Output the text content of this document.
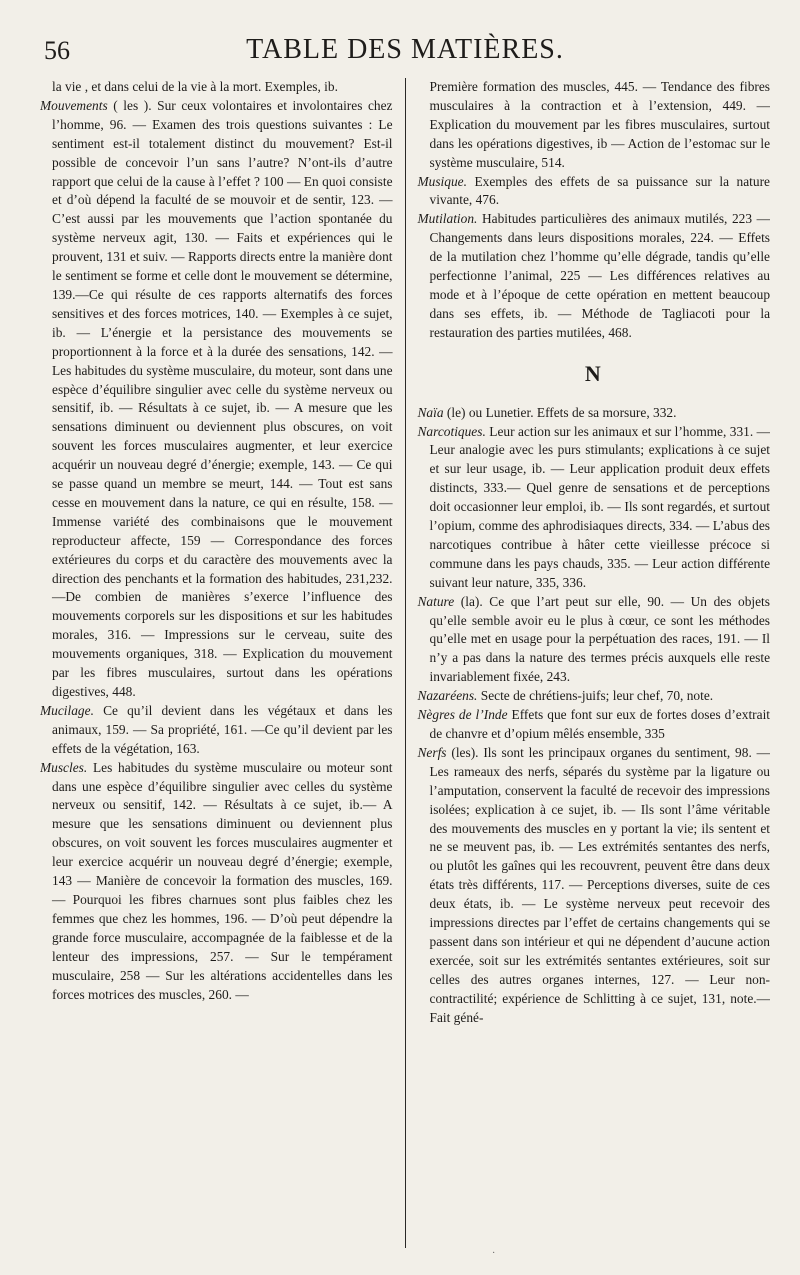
56	TABLE DES MATIÈRES.
la vie , et dans celui de la vie à la mort. Exemples, ib.
Mouvements ( les ). Sur ceux volontaires et involontaires chez l’homme, 96. — Examen des trois questions suivantes : Le sentiment est-il totalement distinct du mouvement? Est-il possible de concevoir l’un sans l’autre? N’ont-ils d’autre rapport que celui de la cause à l’effet ? 100 — En quoi consiste et d’où dépend la faculté de se mouvoir et de sentir, 123. — C’est aussi par les mouvements que l’action spontanée du système nerveux agit, 130. — Faits et expériences qui le prouvent, 131 et suiv. — Rapports directs entre la manière dont le sentiment se forme et celle dont le mouvement se détermine, 139.—Ce qui résulte de ces rapports alternatifs des forces sensitives et des forces motrices, 140. — Exemples à ce sujet, ib. — L’énergie et la persistance des mouvements se proportionnent à la force et à la durée des sensations, 142. — Les habitudes du système musculaire, du moteur, sont dans une espèce d’équilibre singulier avec celle du système nerveux ou sensitif, ib. — Résultats à ce sujet, ib. — A mesure que les sensations diminuent ou deviennent plus obscures, on voit souvent les forces musculaires augmenter, et leur exercice acquérir un nouveau degré d’énergie; exemple, 143. — Ce qui se passe quand un membre se meurt, 144. — Tout est sans cesse en mouvement dans la nature, ce qui en résulte, 158. — Immense variété des combinaisons que le mouvement reproducteur affecte, 159 — Correspondance des forces extérieures du corps et du caractère des mouvements avec la direction des penchants et la formation des habitudes, 231,232. —De combien de manières s’exerce l’influence des mouvements corporels sur les dispositions et sur les habitudes morales, 316. — Impressions sur le cerveau, suite des mouvements organiques, 318. — Explication du mouvement par les fibres musculaires, surtout dans les opérations digestives, 448.
Mucilage. Ce qu’il devient dans les végétaux et dans les animaux, 159. — Sa propriété, 161. —Ce qu’il devient par les effets de la végétation, 163.
Muscles. Les habitudes du système musculaire ou moteur sont dans une espèce d’équilibre singulier avec celles du système nerveux ou sensitif, 142. — Résultats à ce sujet, ib.— A mesure que les sensations diminuent ou deviennent plus obscures, on voit souvent les forces musculaires augmenter et leur exercice acquérir un nouveau degré d’énergie; exemple, 143 — Manière de concevoir la formation des muscles, 169. — Pourquoi les fibres charnues sont plus faibles chez les femmes que chez les hommes, 196. — D’où peut dépendre la grande force musculaire, accompagnée de la faiblesse et de la lenteur des impressions, 257. — Sur le tempérament musculaire, 258 — Sur les altérations accidentelles dans les forces motrices des muscles, 260. —
Première formation des muscles, 445. — Tendance des fibres musculaires à la contraction et à l’extension, 449. — Explication du mouvement par les fibres musculaires, surtout dans les opérations digestives, ib — Action de l’estomac sur le système musculaire, 514.
Musique. Exemples des effets de sa puissance sur la nature vivante, 476.
Mutilation. Habitudes particulières des animaux mutilés, 223 — Changements dans leurs dispositions morales, 224. — Effets de la mutilation chez l’homme qu’elle dégrade, tandis qu’elle perfectionne l’animal, 225 — Les différences relatives au mode et à l’époque de cette opération en mettent beaucoup dans ses effets, ib. — Méthode de Tagliacoti pour la restauration des parties mutilées, 468.
N
Naïa (le) ou Lunetier. Effets de sa morsure, 332.
Narcotiques. Leur action sur les animaux et sur l’homme, 331. — Leur analogie avec les purs stimulants; explications à ce sujet et sur leur usage, ib. — Leur application produit deux effets distincts, 333.— Quel genre de sensations et de perceptions doit occasionner leur emploi, ib. — Ils sont regardés, et surtout l’opium, comme des aphrodisiaques directs, 334. — L’abus des narcotiques contribue à hâter cette vieillesse précoce si commune dans les pays chauds, 335. — Leur action différente suivant leur nature, 335, 336.
Nature (la). Ce que l’art peut sur elle, 90. — Un des objets qu’elle semble avoir eu le plus à cœur, ce sont les méthodes qu’elle met en usage pour la perpétuation des races, 191. — Il n’y a pas dans la nature des termes précis auxquels elle reste invariablement fixée, 243.
Nazaréens. Secte de chrétiens-juifs; leur chef, 70, note.
Nègres de l’Inde Effets que font sur eux de fortes doses d’extrait de chanvre et d’opium mêlés ensemble, 335
Nerfs (les). Ils sont les principaux organes du sentiment, 98. — Les rameaux des nerfs, séparés du système par la ligature ou l’amputation, conservent la faculté de recevoir des impressions isolées; explication à ce sujet, ib. — Ils sont l’âme véritable des mouvements des muscles en y portant la vie; ils sentent et ne se meuvent pas, ib. — Les extrémités sentantes des nerfs, ou plutôt les gaînes qui les recouvrent, peuvent être dans deux états très différents, 117. — Perceptions diverses, suite de ces deux états, ib. — Le système nerveux peut recevoir des impressions directes par l’effet de certains changements qui se passent dans son intérieur et qui ne dépendent d’aucune action exercée, soit sur les extrémités sentantes extérieures, soit sur celles des autres organes internes, 127. — Leur non-contractilité; expérience de Schlitting à ce sujet, 131, note.— Fait géné-
·
